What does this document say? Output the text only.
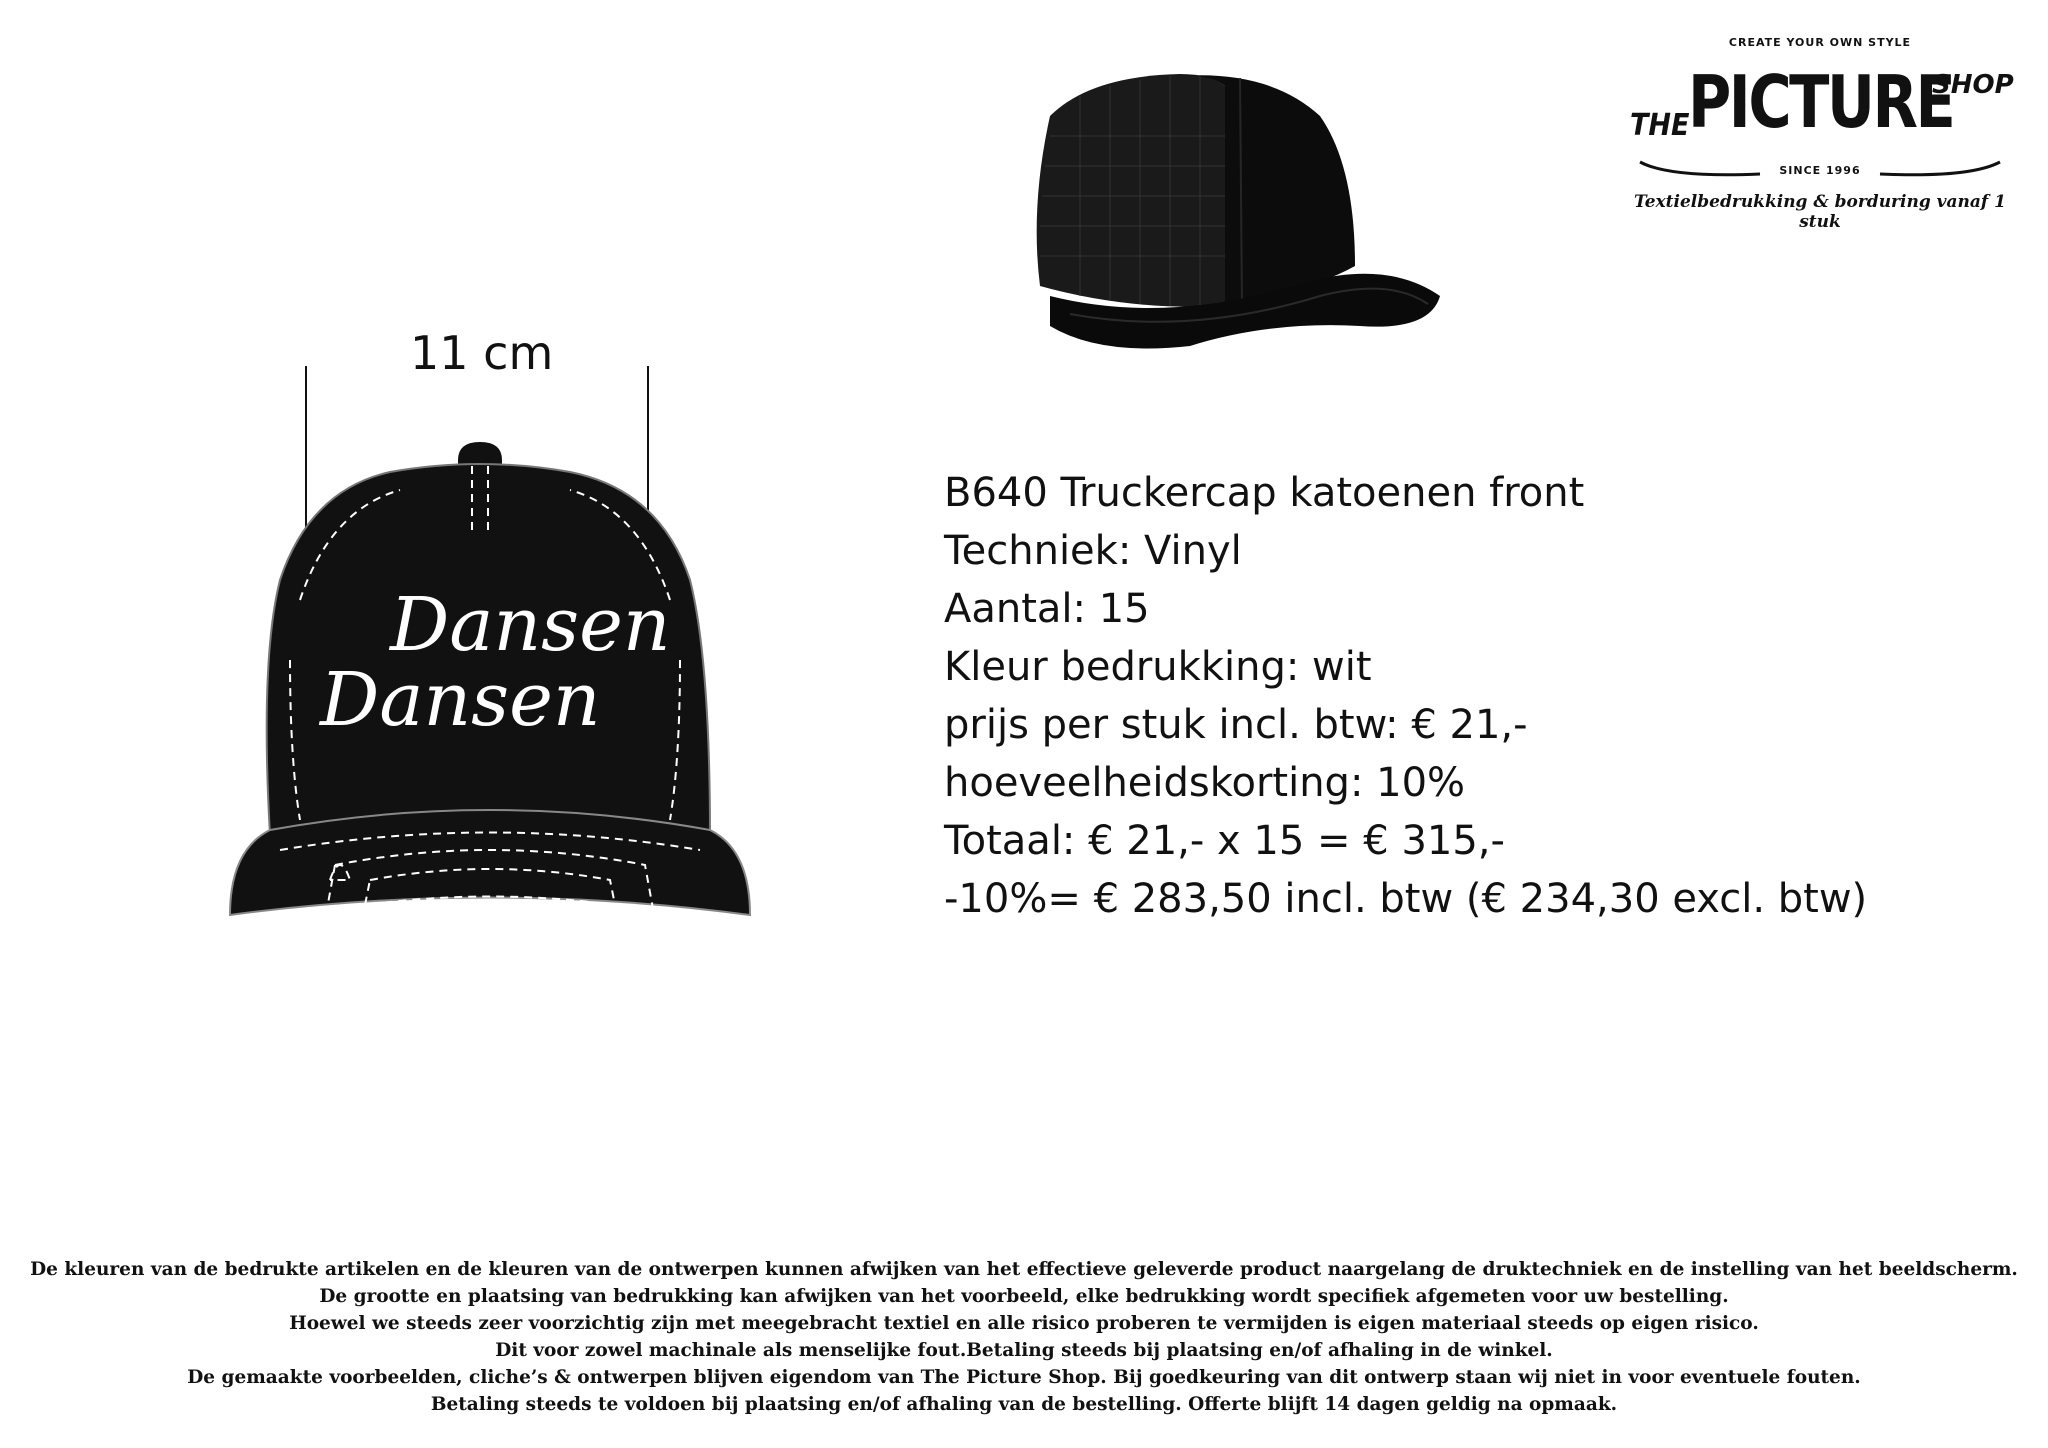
CREATE YOUR OWN STYLE
THE
PICTURE
SHOP
SINCE 1996
Textielbedrukking & borduring vanaf 1 stuk
11 cm
Dansen
Dansen
B640 Truckercap katoenen front
Techniek: Vinyl
Aantal: 15
Kleur bedrukking: wit
prijs per stuk incl. btw: € 21,-
hoeveelheidskorting: 10%
Totaal: € 21,- x 15 = € 315,-
-10%= € 283,50 incl. btw (€ 234,30 excl. btw)
De kleuren van de bedrukte artikelen en de kleuren van de ontwerpen kunnen afwijken van het effectieve geleverde product naargelang de druktechniek en de instelling van het beeldscherm.
De grootte en plaatsing van bedrukking kan afwijken van het voorbeeld, elke bedrukking wordt specifiek afgemeten voor uw bestelling.
Hoewel we steeds zeer voorzichtig zijn met meegebracht textiel en alle risico proberen te vermijden is eigen materiaal steeds op eigen risico.
Dit voor zowel machinale als menselijke fout.Betaling steeds bij plaatsing en/of afhaling in de winkel.
De gemaakte voorbeelden, cliche’s & ontwerpen blijven eigendom van The Picture Shop. Bij goedkeuring van dit ontwerp staan wij niet in voor eventuele fouten.
Betaling steeds te voldoen bij plaatsing en/of afhaling van de bestelling. Offerte blijft 14 dagen geldig na opmaak.
